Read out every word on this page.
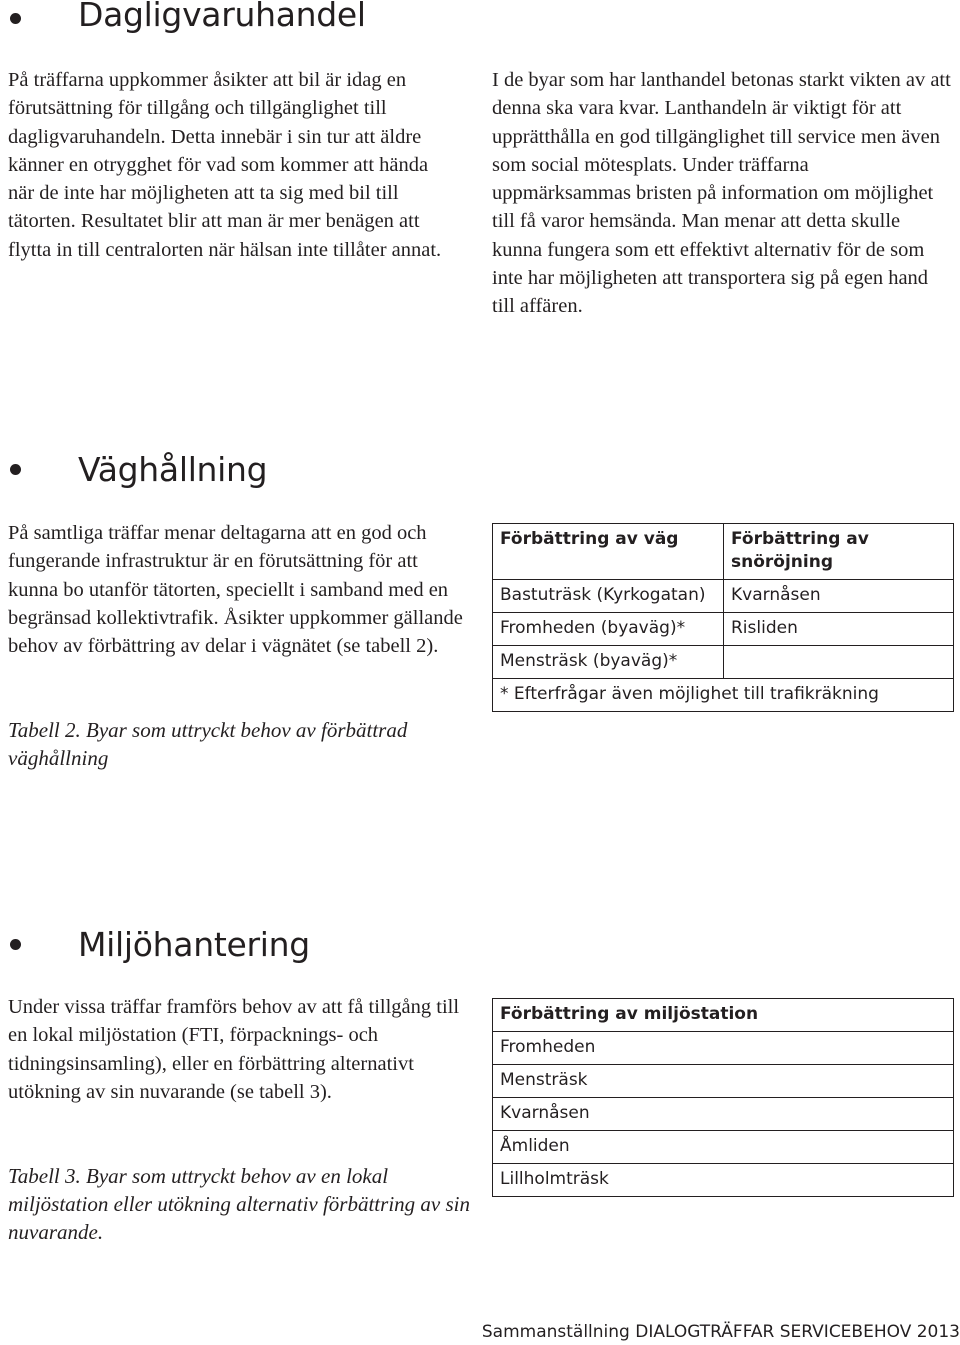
Dagligvaruhandel

På träffarna uppkommer åsikter att bil är idag en förutsättning för tillgång och tillgänglighet till dagligvaruhandeln. Detta innebär i sin tur att äldre känner en otrygghet för vad som kommer att hända när de inte har möjligheten att ta sig med bil till tätorten. Resultatet blir att man är mer benägen att flytta in till centralorten när hälsan inte tillåter annat.

I de byar som har lanthandel betonas starkt vikten av att denna ska vara kvar. Lanthandeln är viktigt för att upprätthålla en god tillgänglighet till service men även som social mötesplats. Under träffarna uppmärksammas bristen på information om möjlighet till få varor hemsända. Man menar att detta skulle kunna fungera som ett effektivt alternativ för de som inte har möjligheten att transportera sig på egen hand till affären.

Väghållning

På samtliga träffar menar deltagarna att en god och fungerande infrastruktur är en förutsättning för att kunna bo utanför tätorten, speciellt i samband med en begränsad kollektivtrafik. Åsikter uppkommer gällande behov av förbättring av delar i vägnätet (se tabell 2).

Tabell 2. Byar som uttryckt behov av förbättrad väghållning

Förbättring av väg	Förbättring av snöröjning
Bastuträsk (Kyrkogatan)	Kvarnåsen
Fromheden (byaväg)*	Risliden
Mensträsk (byaväg)*	
* Efterfrågar även möjlighet till trafikräkning	
Miljöhantering

Under vissa träffar framförs behov av att få tillgång till en lokal miljöstation (FTI, förpacknings- och tidningsinsamling), eller en förbättring alternativt utökning av sin nuvarande (se tabell 3).

Tabell 3. Byar som uttryckt behov av en lokal miljöstation eller utökning alternativ förbättring av sin nuvarande.

Förbättring av miljöstation
Fromheden
Mensträsk
Kvarnåsen
Åmliden
Lillholmträsk
Sammanställning DIALOGTRÄFFAR SERVICEBEHOV 2013
